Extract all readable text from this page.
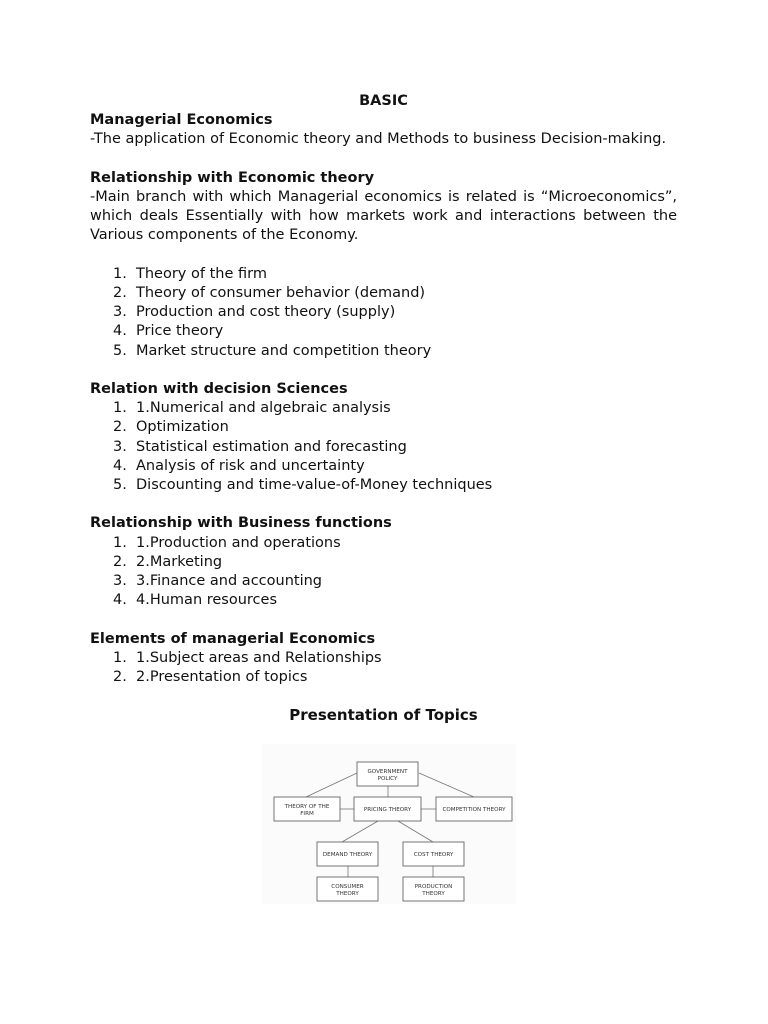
BASIC

Managerial Economics

-The application of Economic theory and Methods to business Decision-making.

Relationship with Economic theory

-Main branch with which Managerial economics is related is “Microeconomics”, which deals Essentially with how markets work and interactions between the Various components of the Economy.

1. Theory of the firm
2. Theory of consumer behavior (demand)
3. Production and cost theory (supply)
4. Price theory
5. Market structure and competition theory

Relation with decision Sciences

1. 1.Numerical and algebraic analysis
2. Optimization
3. Statistical estimation and forecasting
4. Analysis of risk and uncertainty
5. Discounting and time-value-of-Money techniques

Relationship with Business functions

1. 1.Production and operations
2. 2.Marketing
3. 3.Finance and accounting
4. 4.Human resources

Elements of managerial Economics

1. 1.Subject areas and Relationships
2. 2.Presentation of topics

Presentation of Topics

GOVERNMENT
POLICY
THEORY OF THE
FIRM
PRICING THEORY	COMPETITION THEORY
DEMAND THEORY	COST THEORY
CONSUMER
THEORY
PRODUCTION
THEORY
